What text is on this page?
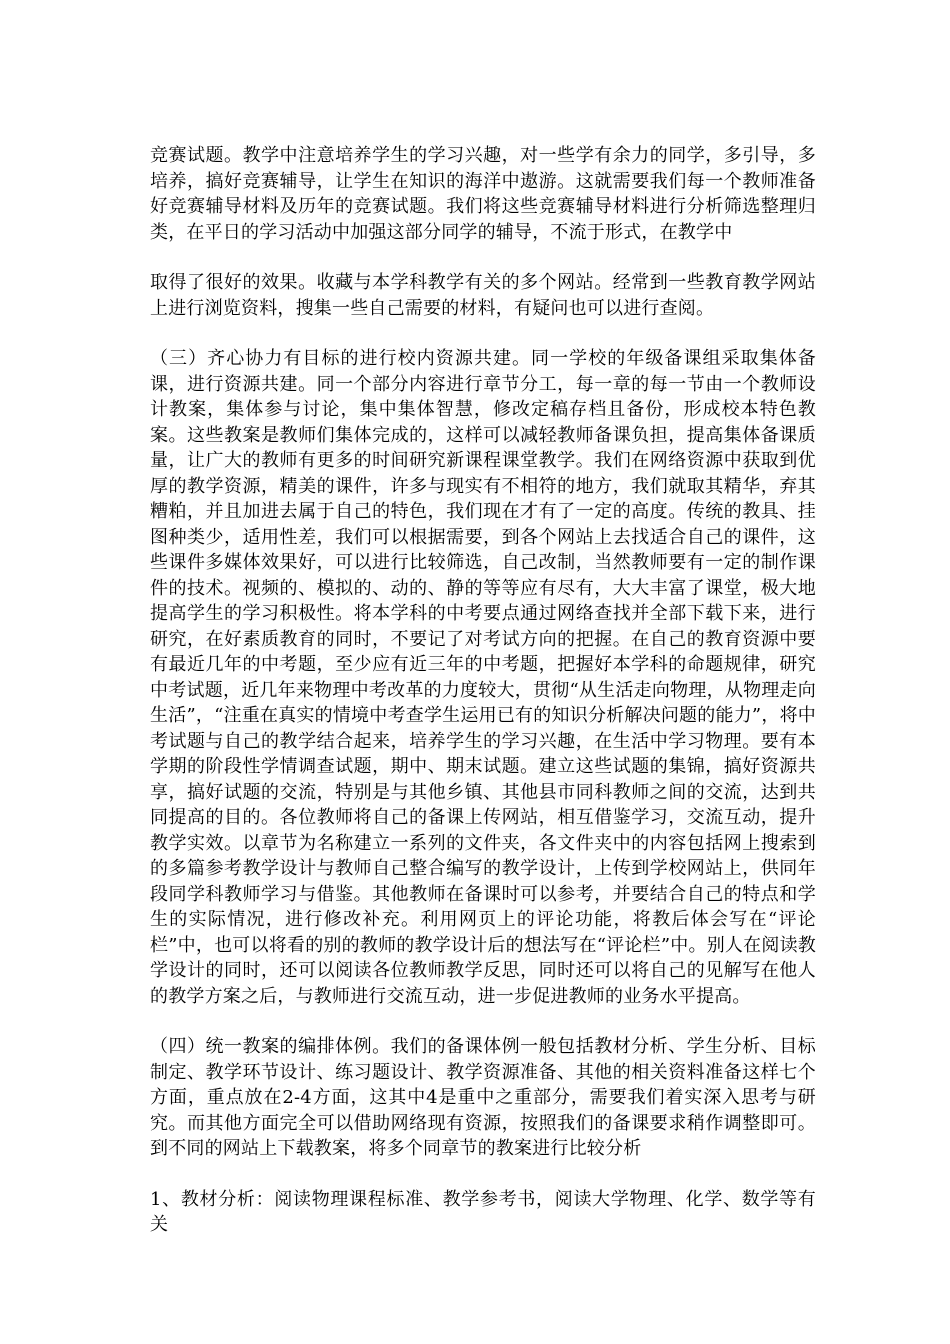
竞赛试题。教学中注意培养学生的学习兴趣，对一些学有余力的同学，多引导，多培养，搞好竞赛辅导，让学生在知识的海洋中遨游。这就需要我们每一个教师准备好竞赛辅导材料及历年的竞赛试题。我们将这些竞赛辅导材料进行分析筛选整理归类，在平日的学习活动中加强这部分同学的辅导，不流于形式，在教学中

取得了很好的效果。收藏与本学科教学有关的多个网站。经常到一些教育教学网站上进行浏览资料，搜集一些自己需要的材料，有疑问也可以进行查阅。

（三）齐心协力有目标的进行校内资源共建。同一学校的年级备课组采取集体备课，进行资源共建。同一个部分内容进行章节分工，每一章的每一节由一个教师设计教案，集体参与讨论，集中集体智慧，修改定稿存档且备份，形成校本特色教案。这些教案是教师们集体完成的，这样可以减轻教师备课负担，提高集体备课质量，让广大的教师有更多的时间研究新课程课堂教学。我们在网络资源中获取到优厚的教学资源，精美的课件，许多与现实有不相符的地方，我们就取其精华，弃其糟粕，并且加进去属于自己的特色，我们现在才有了一定的高度。传统的教具、挂图种类少，适用性差，我们可以根据需要，到各个网站上去找适合自己的课件，这些课件多媒体效果好，可以进行比较筛选，自己改制，当然教师要有一定的制作课件的技术。视频的、模拟的、动的、静的等等应有尽有，大大丰富了课堂，极大地提高学生的学习积极性。将本学科的中考要点通过网络查找并全部下载下来，进行研究，在好素质教育的同时，不要记了对考试方向的把握。在自己的教育资源中要有最近几年的中考题，至少应有近三年的中考题，把握好本学科的命题规律，研究中考试题，近几年来物理中考改革的力度较大，贯彻“从生活走向物理，从物理走向生活”，“注重在真实的情境中考查学生运用已有的知识分析解决问题的能力”，将中考试题与自己的教学结合起来，培养学生的学习兴趣，在生活中学习物理。要有本学期的阶段性学情调查试题，期中、期末试题。建立这些试题的集锦，搞好资源共享，搞好试题的交流，特别是与其他乡镇、其他县市同科教师之间的交流，达到共同提高的目的。各位教师将自己的备课上传网站，相互借鉴学习，交流互动，提升教学实效。以章节为名称建立一系列的文件夹，各文件夹中的内容包括网上搜索到的多篇参考教学设计与教师自己整合编写的教学设计，上传到学校网站上，供同年段同学科教师学习与借鉴。其他教师在备课时可以参考，并要结合自己的特点和学生的实际情况，进行修改补充。利用网页上的评论功能，将教后体会写在“评论栏”中，也可以将看的别的教师的教学设计后的想法写在“评论栏”中。别人在阅读教学设计的同时，还可以阅读各位教师教学反思，同时还可以将自己的见解写在他人的教学方案之后，与教师进行交流互动，进一步促进教师的业务水平提高。

（四）统一教案的编排体例。我们的备课体例一般包括教材分析、学生分析、目标制定、教学环节设计、练习题设计、教学资源准备、其他的相关资料准备这样七个方面，重点放在2-4方面，这其中4是重中之重部分，需要我们着实深入思考与研究。而其他方面完全可以借助网络现有资源，按照我们的备课要求稍作调整即可。到不同的网站上下载教案，将多个同章节的教案进行比较分析

1、教材分析：阅读物理课程标准、教学参考书，阅读大学物理、化学、数学等有关
